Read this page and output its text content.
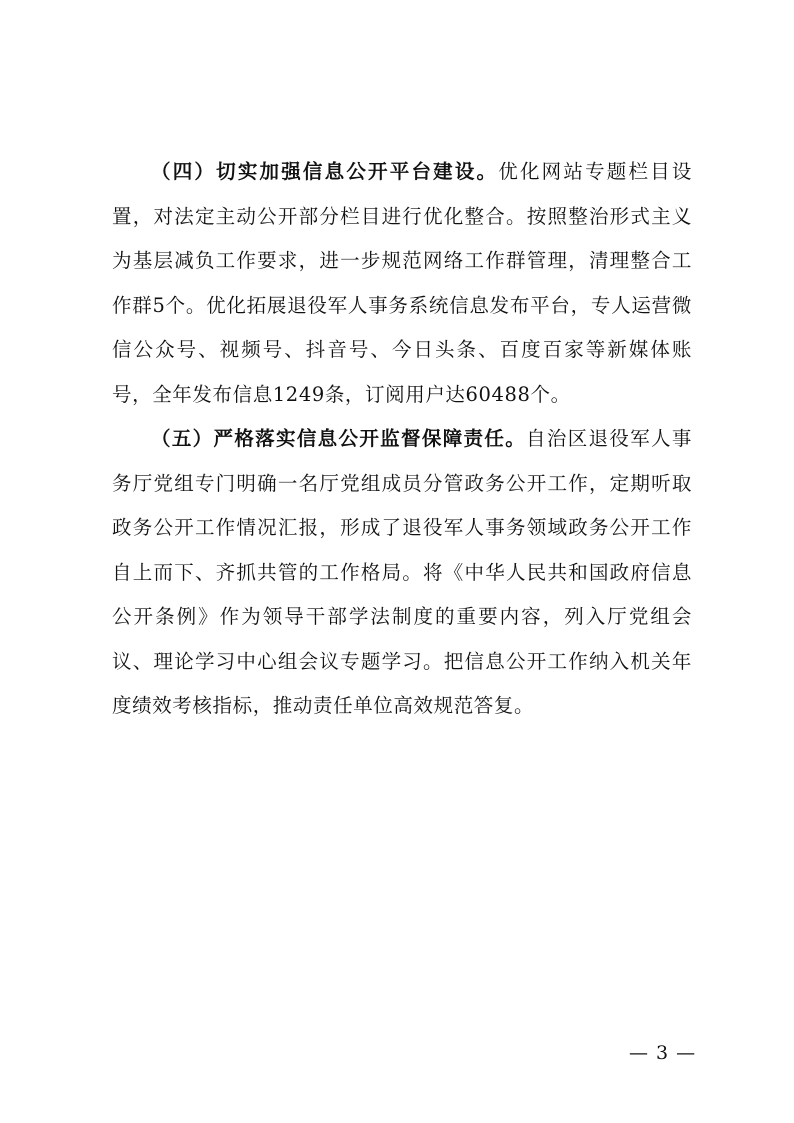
（四）切实加强信息公开平台建设。优化网站专题栏目设置，对法定主动公开部分栏目进行优化整合。按照整治形式主义为基层减负工作要求，进一步规范网络工作群管理，清理整合工作群5个。优化拓展退役军人事务系统信息发布平台，专人运营微信公众号、视频号、抖音号、今日头条、百度百家等新媒体账号，全年发布信息1249条，订阅用户达60488个。

（五）严格落实信息公开监督保障责任。自治区退役军人事务厅党组专门明确一名厅党组成员分管政务公开工作，定期听取政务公开工作情况汇报，形成了退役军人事务领域政务公开工作自上而下、齐抓共管的工作格局。将《中华人民共和国政府信息公开条例》作为领导干部学法制度的重要内容，列入厅党组会议、理论学习中心组会议专题学习。把信息公开工作纳入机关年度绩效考核指标，推动责任单位高效规范答复。

— 3 —
